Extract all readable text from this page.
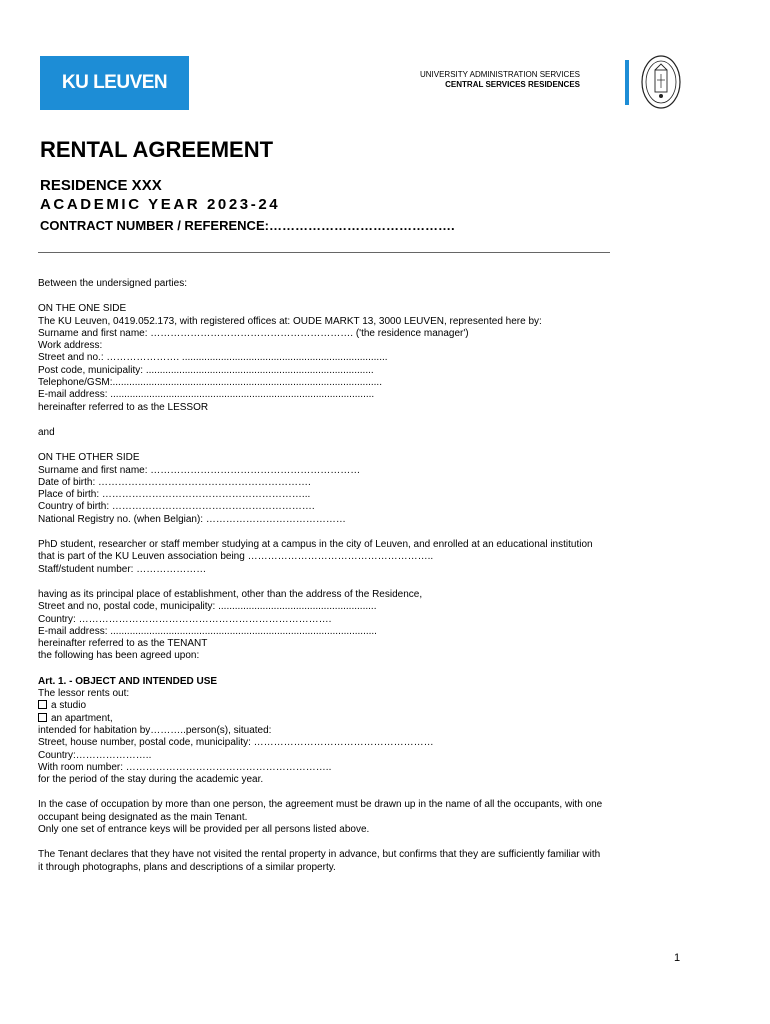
KU LEUVEN	UNIVERSITY ADMINISTRATION SERVICES
CENTRAL SERVICES RESIDENCES
RENTAL AGREEMENT
RESIDENCE XXX
ACADEMIC YEAR 2023-24
CONTRACT NUMBER / REFERENCE:…………………………………….
Between the undersigned parties:
ON THE ONE SIDE
The KU Leuven, 0419.052.173, with registered offices at: OUDE MARKT 13, 3000 LEUVEN, represented here by:
Surname and first name: ……………………………………………………. ('the residence manager')
Work address:
Street and no.: …………………. ..........................................................................
Post code, municipality: ..................................................................................
Telephone/GSM:.................................................................................................
E-mail address: ...............................................................................................
hereinafter referred to as the LESSOR
and
ON THE OTHER SIDE
Surname and first name: ………………………………………………………
Date of birth: ……………………………………………………….
Place of birth: ……………………………………………………...
Country of birth: …………………………………………………….
National Registry no. (when Belgian): ……………………………………
PhD student, researcher or staff member studying at a campus in the city of Leuven, and enrolled at an educational institution
that is part of the KU Leuven association being ………………………………………………..
Staff/student number: …………………
having as its principal place of establishment, other than the address of the Residence,
Street and no, postal code, municipality: .........................................................
Country: ………………………………………………………………….
E-mail address: ................................................................................................
hereinafter referred to as the TENANT
the following has been agreed upon:
Art. 1. - OBJECT AND INTENDED USE
The lessor rents out:
a studio
an apartment,
intended for habitation by………..person(s), situated:
Street, house number, postal code, municipality: ………………………………………………
Country:…………………..
With room number: ……………………………………………………..
for the period of the stay during the academic year.
In the case of occupation by more than one person, the agreement must be drawn up in the name of all the occupants, with one
occupant being designated as the main Tenant.
Only one set of entrance keys will be provided per all persons listed above.
The Tenant declares that they have not visited the rental property in advance, but confirms that they are sufficiently familiar with
it through photographs, plans and descriptions of a similar property.
1
